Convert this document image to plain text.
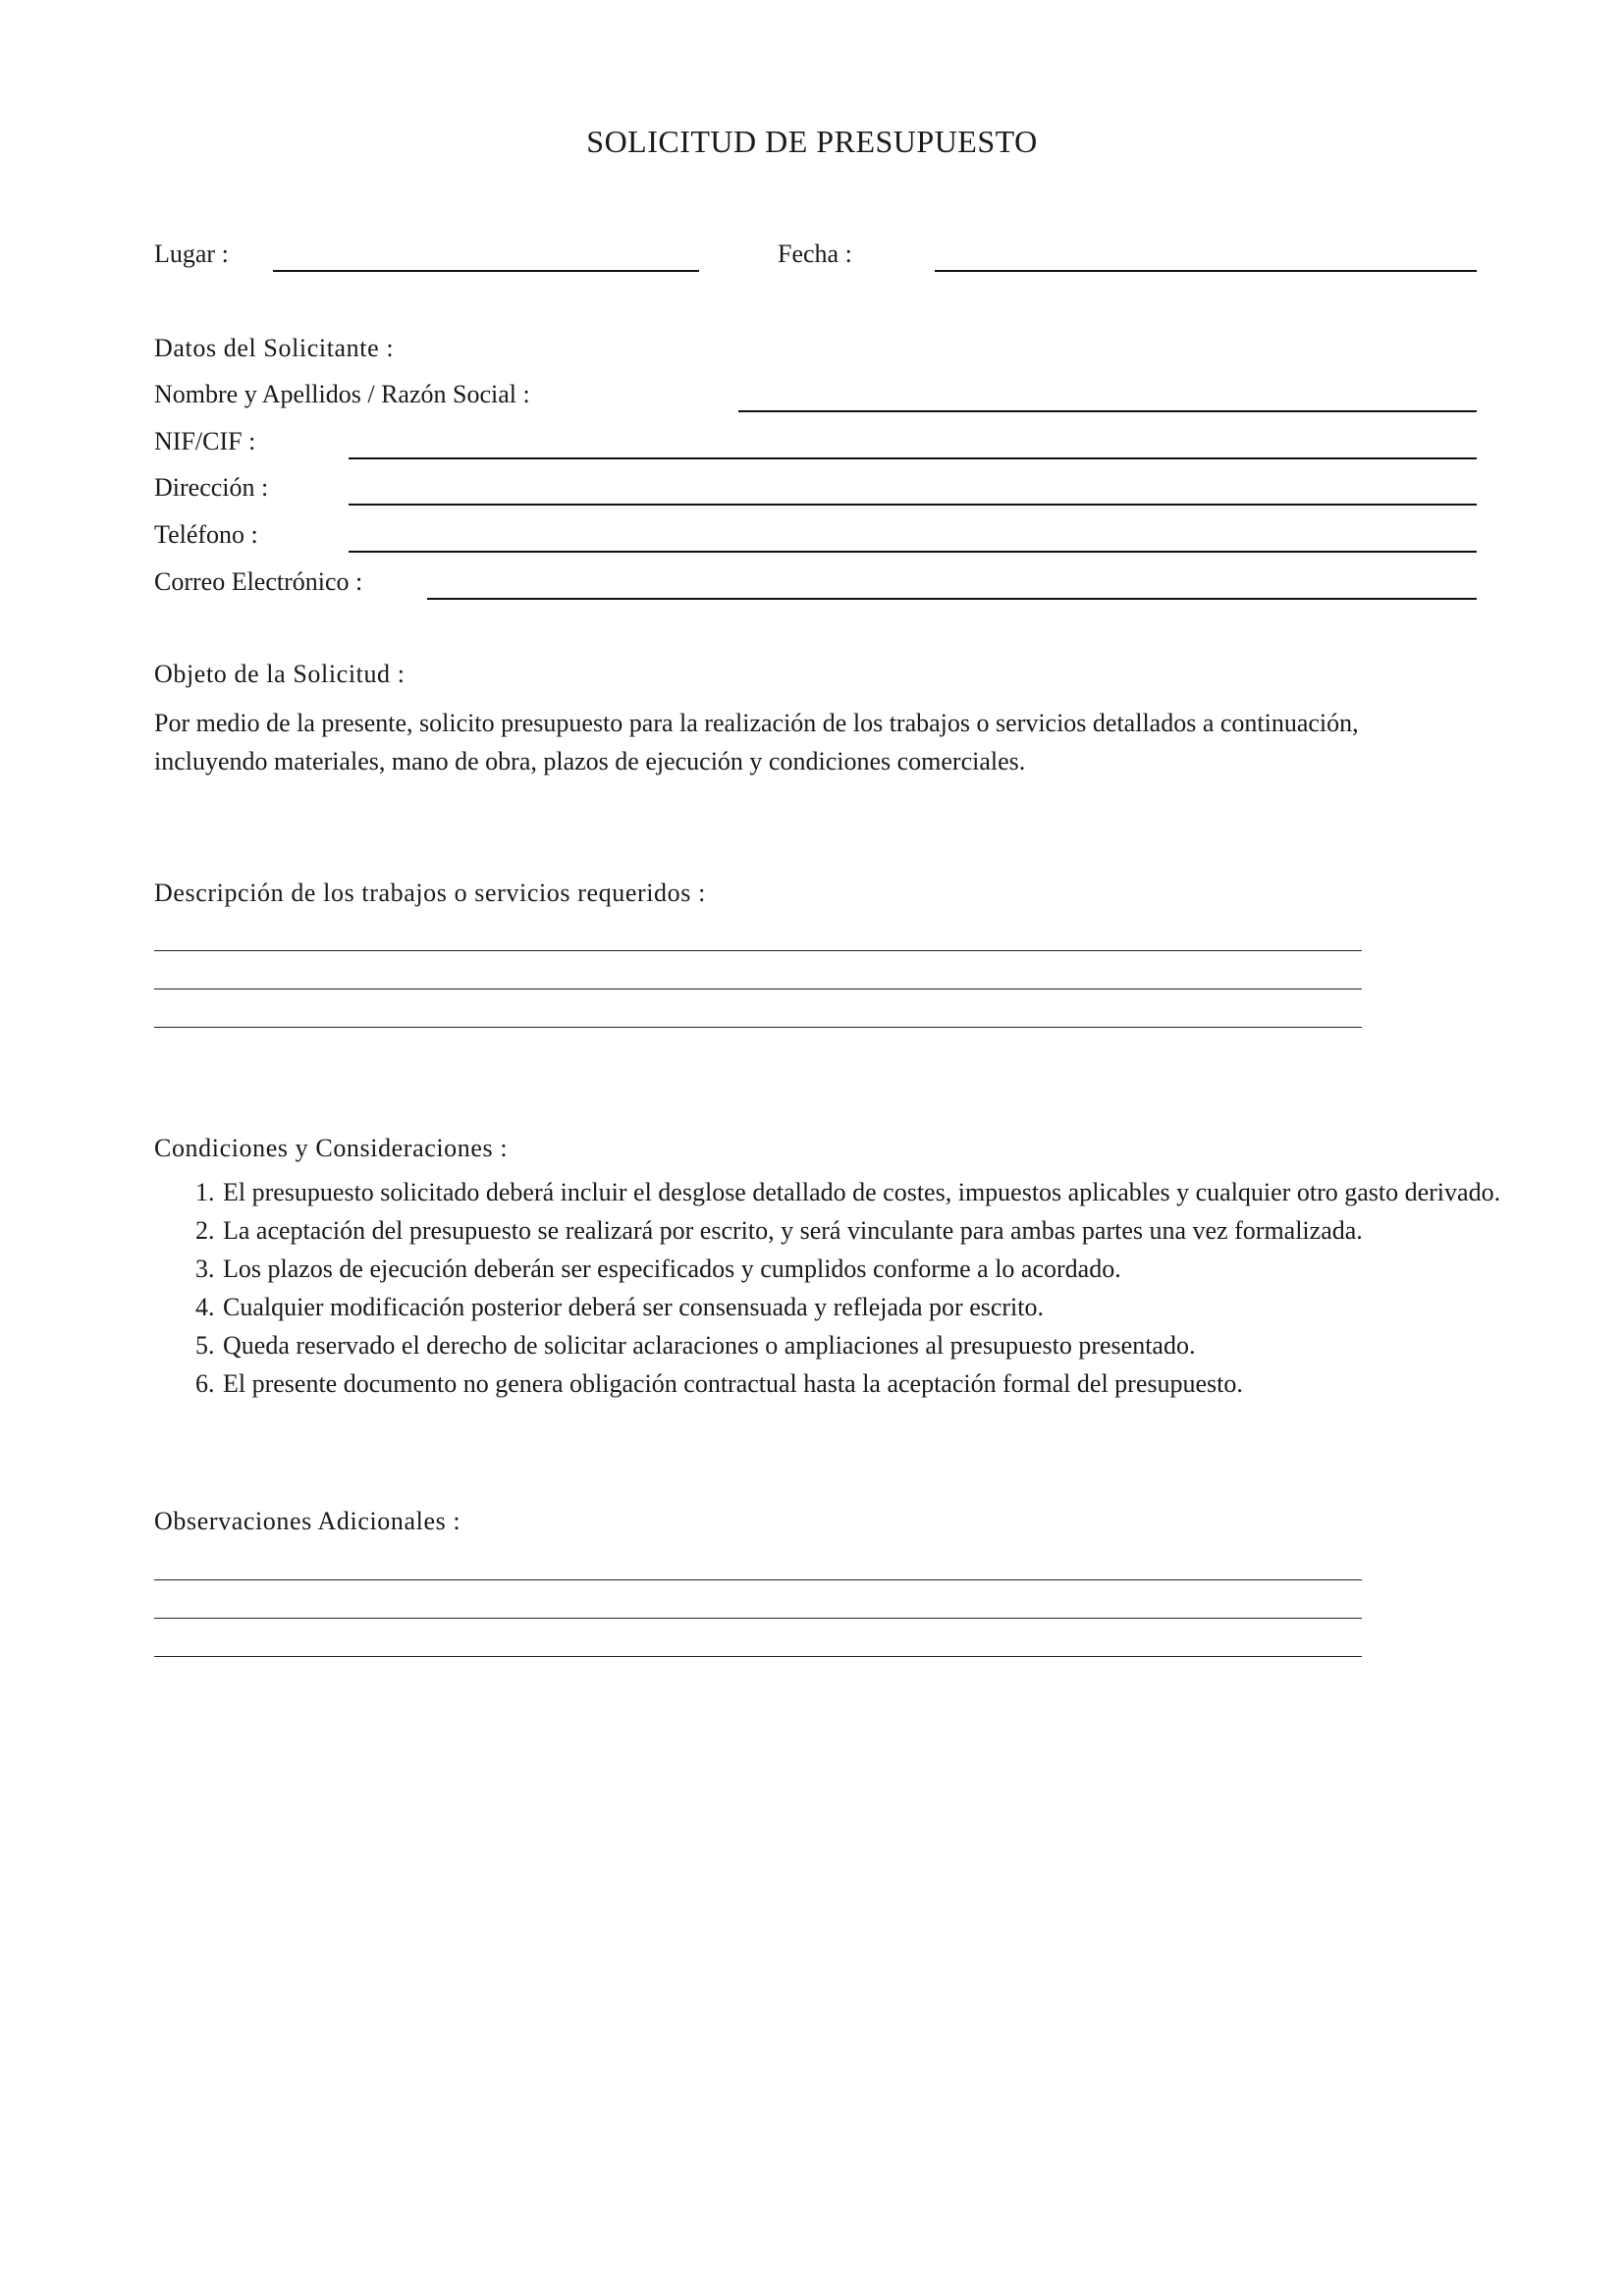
SOLICITUD DE PRESUPUESTO
Lugar :	Fecha :
Datos del Solicitante :
Nombre y Apellidos / Razón Social :
NIF/CIF :
Dirección :
Teléfono :
Correo Electrónico :
Objeto de la Solicitud :
Por medio de la presente, solicito presupuesto para la realización de los trabajos o servicios detallados a continuación,
incluyendo materiales, mano de obra, plazos de ejecución y condiciones comerciales.
Descripción de los trabajos o servicios requeridos :
Condiciones y Consideraciones :
1. El presupuesto solicitado deberá incluir el desglose detallado de costes, impuestos aplicables y cualquier otro gasto derivado.
2. La aceptación del presupuesto se realizará por escrito, y será vinculante para ambas partes una vez formalizada.
3. Los plazos de ejecución deberán ser especificados y cumplidos conforme a lo acordado.
4. Cualquier modificación posterior deberá ser consensuada y reflejada por escrito.
5. Queda reservado el derecho de solicitar aclaraciones o ampliaciones al presupuesto presentado.
6. El presente documento no genera obligación contractual hasta la aceptación formal del presupuesto.
Observaciones Adicionales :
